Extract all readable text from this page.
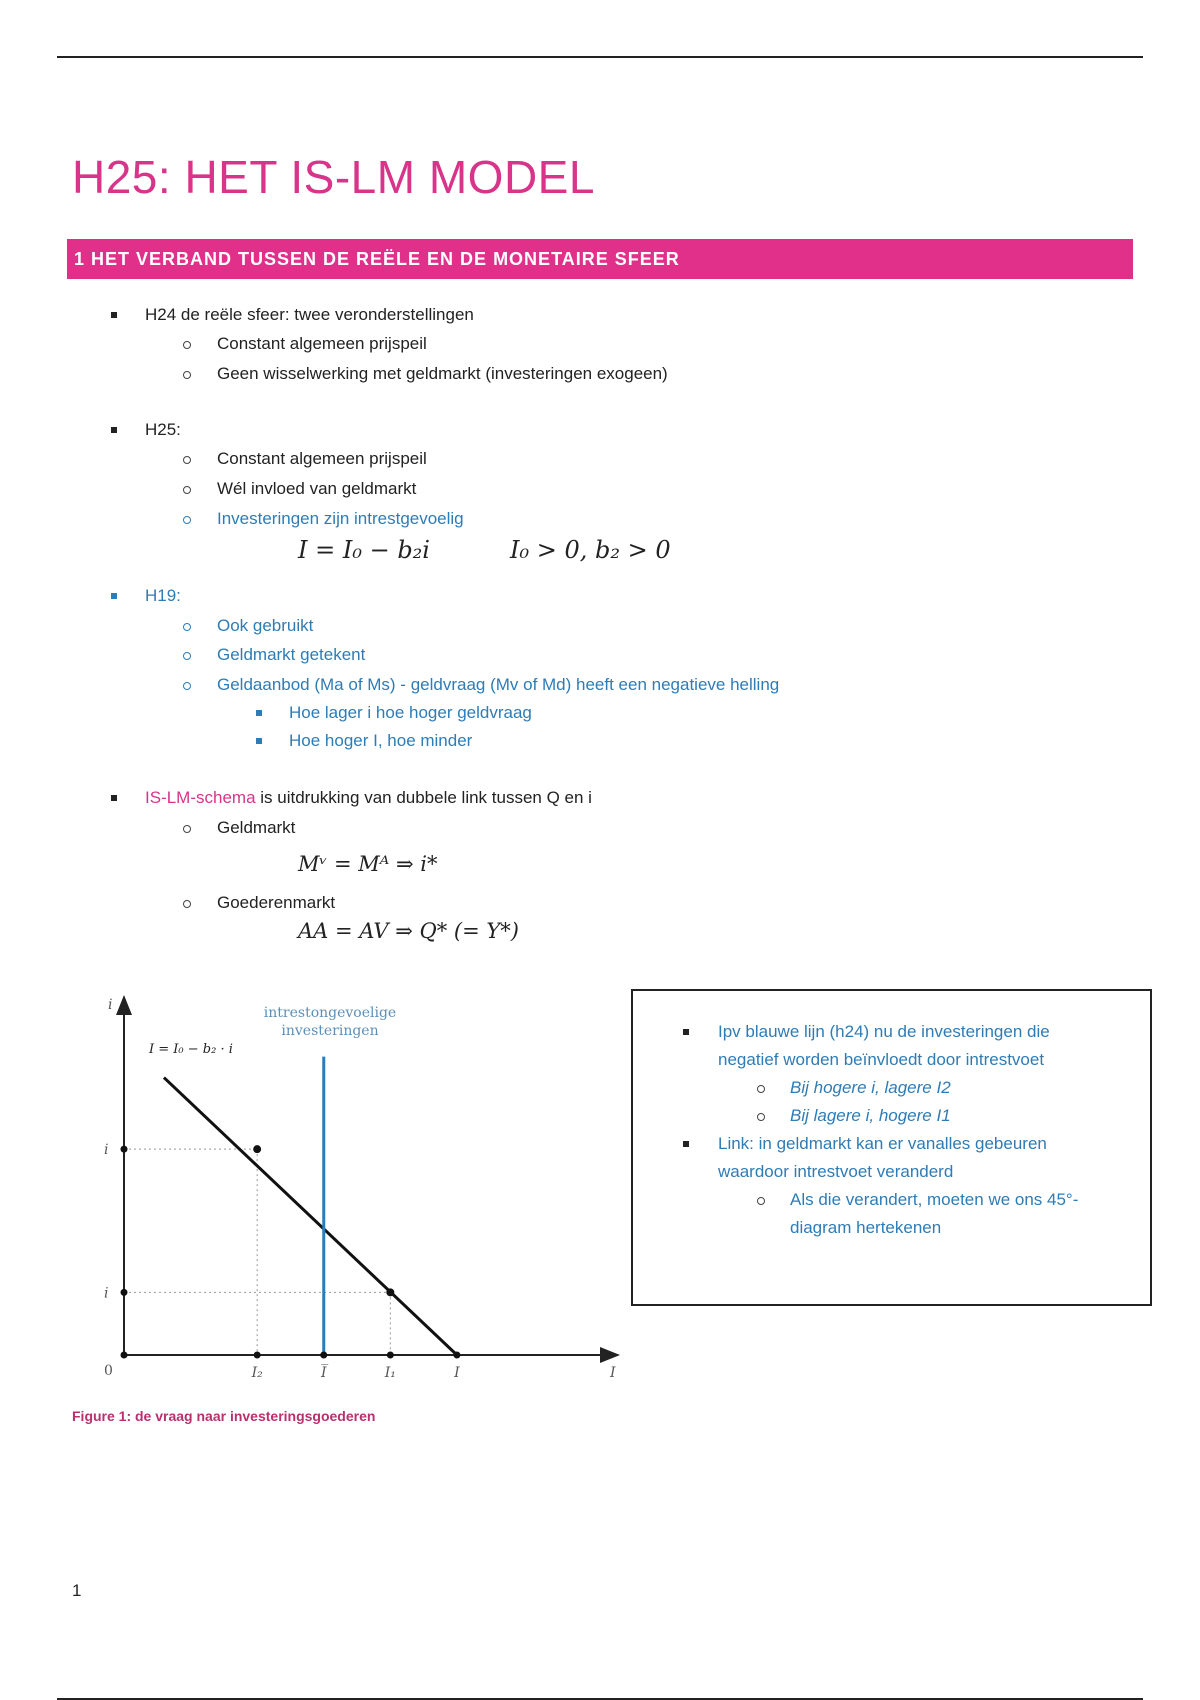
H25: HET IS-LM MODEL
1 HET VERBAND TUSSEN DE REËLE EN DE MONETAIRE SFEER
H24 de reële sfeer: twee veronderstellingen
Constant algemeen prijspeil
Geen wisselwerking met geldmarkt (investeringen exogeen)
H25:
Constant algemeen prijspeil
Wél invloed van geldmarkt
Investeringen zijn intrestgevoelig
I = I₀ − b₂i	I₀ > 0, b₂ > 0
H19:
Ook gebruikt
Geldmarkt getekent
Geldaanbod (Ma of Ms) - geldvraag (Mv of Md) heeft een negatieve helling
Hoe lager i hoe hoger geldvraag
Hoe hoger I, hoe minder
IS-LM-schema is uitdrukking van dubbele link tussen Q en i
Geldmarkt
Mᵛ = Mᴬ ⇒ i*
Goederenmarkt
AA = AV ⇒ Q* (= Y*)
i	intrestongevoelige
investeringen
I = I₀ − b₂ · i
i
i
0	I₂	I̅	I₁	I	I
Figure 1: de vraag naar investeringsgoederen
Ipv blauwe lijn (h24) nu de investeringen die
negatief worden beïnvloedt door intrestvoet
Bij hogere i, lagere I2
Bij lagere i, hogere I1
Link: in geldmarkt kan er vanalles gebeuren
waardoor intrestvoet veranderd
Als die verandert, moeten we ons 45°-
diagram hertekenen
1
